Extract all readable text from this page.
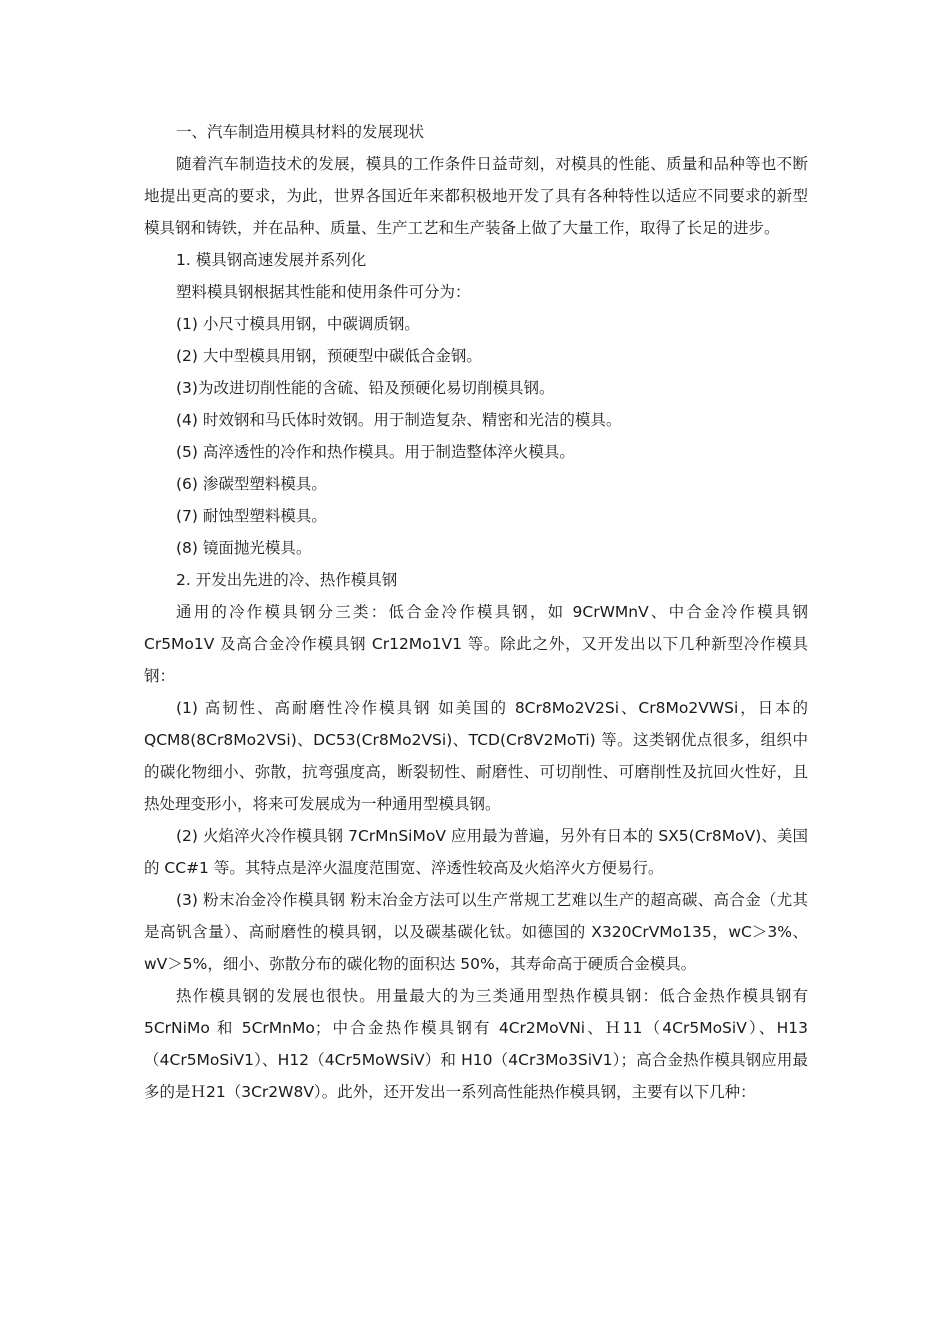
一、汽车制造用模具材料的发展现状

随着汽车制造技术的发展，模具的工作条件日益苛刻，对模具的性能、质量和品种等也不断地提出更高的要求，为此，世界各国近年来都积极地开发了具有各种特性以适应不同要求的新型模具钢和铸铁，并在品种、质量、生产工艺和生产装备上做了大量工作，取得了长足的进步。

1. 模具钢高速发展并系列化

塑料模具钢根据其性能和使用条件可分为：

(1) 小尺寸模具用钢，中碳调质钢。

(2) 大中型模具用钢，预硬型中碳低合金钢。

(3)为改进切削性能的含硫、铅及预硬化易切削模具钢。

(4) 时效钢和马氏体时效钢。用于制造复杂、精密和光洁的模具。

(5) 高淬透性的冷作和热作模具。用于制造整体淬火模具。

(6) 渗碳型塑料模具。

(7) 耐蚀型塑料模具。

(8) 镜面抛光模具。

2. 开发出先进的冷、热作模具钢

通用的冷作模具钢分三类：低合金冷作模具钢，如 9CrWMnV、中合金冷作模具钢 Cr5Mo1V 及高合金冷作模具钢 Cr12Mo1V1 等。除此之外，又开发出以下几种新型冷作模具钢：

(1) 高韧性、高耐磨性冷作模具钢 如美国的 8Cr8Mo2V2Si、Cr8Mo2VWSi，日本的 QCM8(8Cr8Mo2VSi)、DC53(Cr8Mo2VSi)、TCD(Cr8V2MoTi) 等。这类钢优点很多，组织中的碳化物细小、弥散，抗弯强度高，断裂韧性、耐磨性、可切削性、可磨削性及抗回火性好，且热处理变形小，将来可发展成为一种通用型模具钢。

(2) 火焰淬火冷作模具钢 7CrMnSiMoV 应用最为普遍，另外有日本的 SX5(Cr8MoV)、美国的 CC#1 等。其特点是淬火温度范围宽、淬透性较高及火焰淬火方便易行。

(3) 粉末冶金冷作模具钢 粉末冶金方法可以生产常规工艺难以生产的超高碳、高合金（尤其是高钒含量）、高耐磨性的模具钢，以及碳基碳化钛。如德国的 X320CrVMo135，wC＞3%、wV＞5%，细小、弥散分布的碳化物的面积达 50%，其寿命高于硬质合金模具。

热作模具钢的发展也很快。用量最大的为三类通用型热作模具钢：低合金热作模具钢有 5CrNiMo 和 5CrMnMo；中合金热作模具钢有 4Cr2MoVNi、Ｈ11（4Cr5MoSiV）、H13（4Cr5MoSiV1）、H12（4Cr5MoWSiV）和 H10（4Cr3Mo3SiV1）；高合金热作模具钢应用最多的是Ｈ21（3Cr2W8V）。此外，还开发出一系列高性能热作模具钢，主要有以下几种：
